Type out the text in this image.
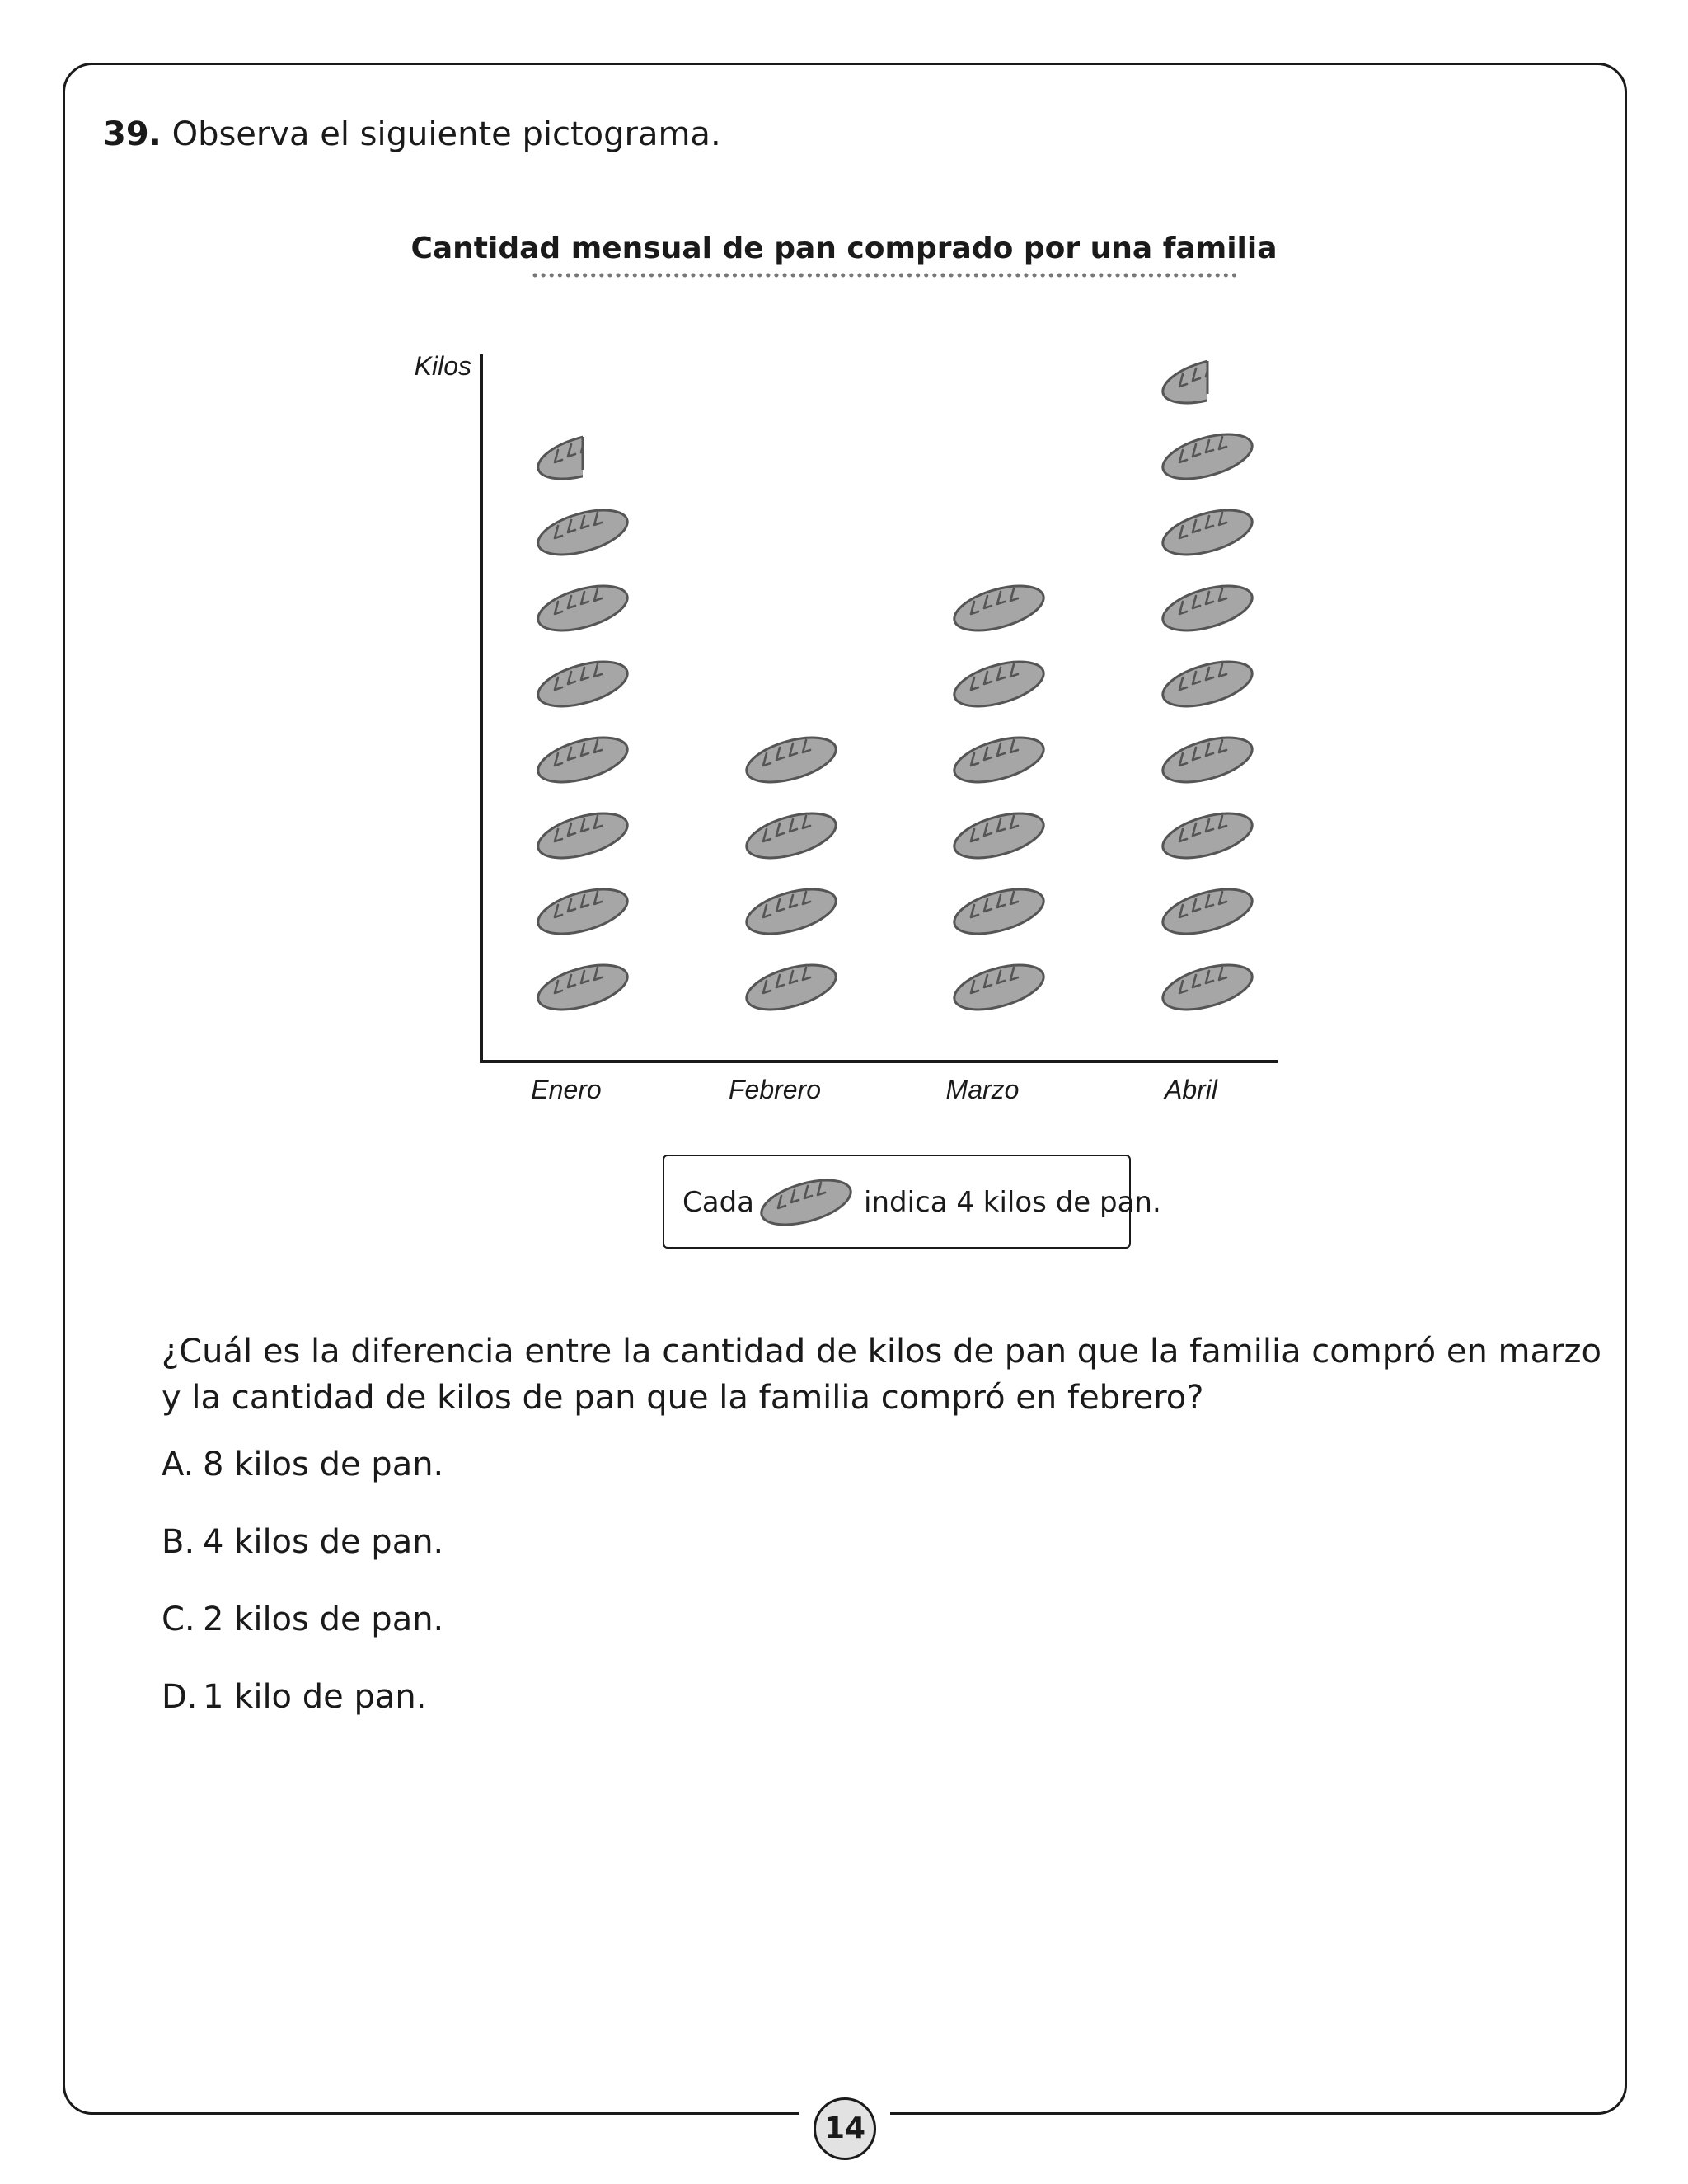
39. Observa el siguiente pictograma.
Cantidad mensual de pan comprado por una familia
Kilos
Enero	Febrero	Marzo	Abril
Cada	indica 4 kilos de pan.
¿Cuál es la diferencia entre la cantidad de kilos de pan que la familia compró en marzo y la cantidad de kilos de pan que la familia compró en febrero?
A. 8 kilos de pan.
B. 4 kilos de pan.
C. 2 kilos de pan.
D. 1 kilo de pan.
14
